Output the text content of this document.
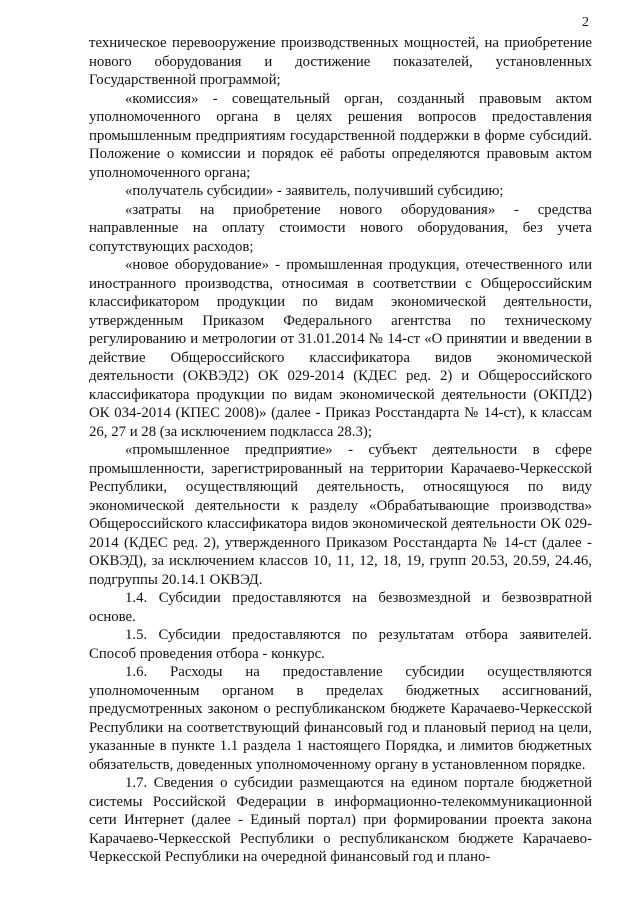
2

техническое перевооружение производственных мощностей, на приобретение нового оборудования и достижение показателей, установленных Государственной программой;

«комиссия» - совещательный орган, созданный правовым актом уполномоченного органа в целях решения вопросов предоставления промышленным предприятиям государственной поддержки в форме субсидий. Положение о комиссии и порядок её работы определяются правовым актом уполномоченного органа;

«получатель субсидии» - заявитель, получивший субсидию;

«затраты на приобретение нового оборудования» - средства направленные на оплату стоимости нового оборудования, без учета сопутствующих расходов;

«новое оборудование» - промышленная продукция, отечественного или иностранного производства, относимая в соответствии с Общероссийским классификатором продукции по видам экономической деятельности, утвержденным Приказом Федерального агентства по техническому регулированию и метрологии от 31.01.2014 № 14-ст «О принятии и введении в действие Общероссийского классификатора видов экономической деятельности (ОКВЭД2) ОК 029-2014 (КДЕС ред. 2) и Общероссийского классификатора продукции по видам экономической деятельности (ОКПД2) ОК 034-2014 (КПЕС 2008)» (далее - Приказ Росстандарта № 14-ст), к классам 26, 27 и 28 (за исключением подкласса 28.3);

«промышленное предприятие» - субъект деятельности в сфере промышленности, зарегистрированный на территории Карачаево-Черкесской Республики, осуществляющий деятельность, относящуюся по виду экономической деятельности к разделу «Обрабатывающие производства» Общероссийского классификатора видов экономической деятельности ОК 029-2014 (КДЕС ред. 2), утвержденного Приказом Росстандарта № 14-ст (далее - ОКВЭД), за исключением классов 10, 11, 12, 18, 19, групп 20.53, 20.59, 24.46, подгруппы 20.14.1 ОКВЭД.

1.4. Субсидии предоставляются на безвозмездной и безвозвратной основе.

1.5. Субсидии предоставляются по результатам отбора заявителей. Способ проведения отбора - конкурс.

1.6. Расходы на предоставление субсидии осуществляются уполномоченным органом в пределах бюджетных ассигнований, предусмотренных законом о республиканском бюджете Карачаево-Черкесской Республики на соответствующий финансовый год и плановый период на цели, указанные в пункте 1.1 раздела 1 настоящего Порядка, и лимитов бюджетных обязательств, доведенных уполномоченному органу в установленном порядке.

1.7. Сведения о субсидии размещаются на едином портале бюджетной системы Российской Федерации в информационно-телекоммуникационной сети Интернет (далее - Единый портал) при формировании проекта закона Карачаево-Черкесской Республики о республиканском бюджете Карачаево-Черкесской Республики на очередной финансовый год и плано-
